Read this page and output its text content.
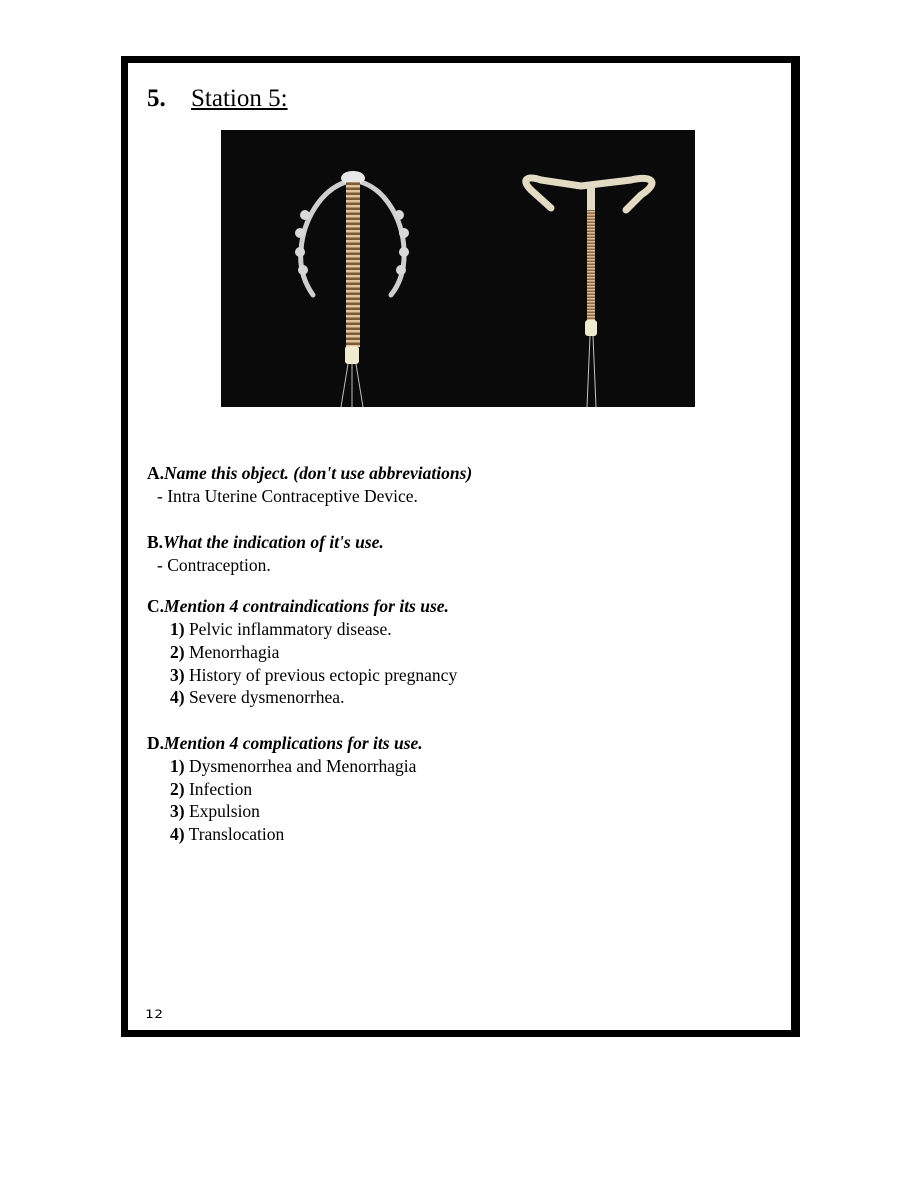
5. Station 5:
A.Name this object. (don't use abbreviations)
- Intra Uterine Contraceptive Device.
B.What the indication of it's use.
- Contraception.
C.Mention 4 contraindications for its use.
1) Pelvic inflammatory disease.
2) Menorrhagia
3) History of previous ectopic pregnancy
4) Severe dysmenorrhea.
D.Mention 4 complications for its use.
1) Dysmenorrhea and Menorrhagia
2) Infection
3) Expulsion
4) Translocation
12
